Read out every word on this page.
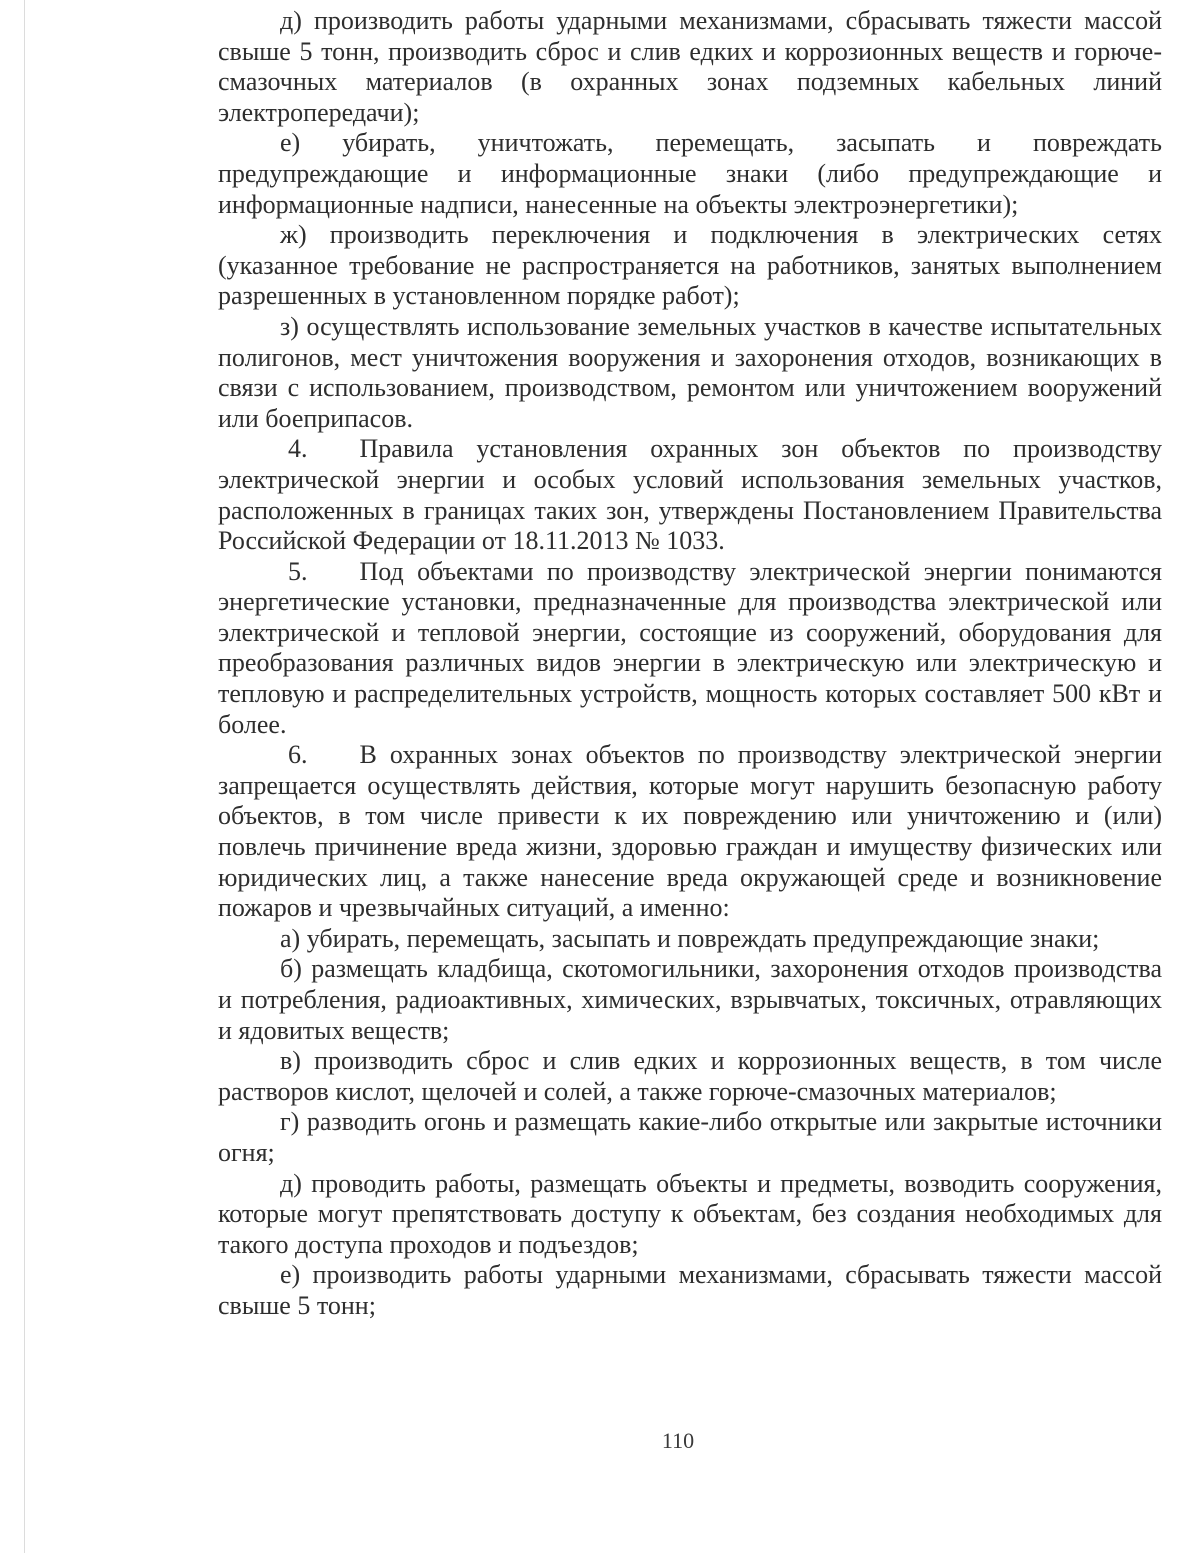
д) производить работы ударными механизмами, сбрасывать тяжести массой свыше 5 тонн, производить сброс и слив едких и коррозионных веществ и горюче-смазочных материалов (в охранных зонах подземных кабельных линий электропередачи);

е) убирать, уничтожать, перемещать, засыпать и повреждать предупреждающие и информационные знаки (либо предупреждающие и информационные надписи, нанесенные на объекты электроэнергетики);

ж) производить переключения и подключения в электрических сетях (указанное требование не распространяется на работников, занятых выполнением разрешенных в установленном порядке работ);

з) осуществлять использование земельных участков в качестве испытательных полигонов, мест уничтожения вооружения и захоронения отходов, возникающих в связи с использованием, производством, ремонтом или уничтожением вооружений или боеприпасов.

4.  Правила установления охранных зон объектов по производству электрической энергии и особых условий использования земельных участков, расположенных в границах таких зон, утверждены Постановлением Правительства Российской Федерации от 18.11.2013 № 1033.

5.  Под объектами по производству электрической энергии понимаются энергетические установки, предназначенные для производства электрической или электрической и тепловой энергии, состоящие из сооружений, оборудования для преобразования различных видов энергии в электрическую или электрическую и тепловую и распределительных устройств, мощность которых составляет 500 кВт и более.

6.  В охранных зонах объектов по производству электрической энергии запрещается осуществлять действия, которые могут нарушить безопасную работу объектов, в том числе привести к их повреждению или уничтожению и (или) повлечь причинение вреда жизни, здоровью граждан и имуществу физических или юридических лиц, а также нанесение вреда окружающей среде и возникновение пожаров и чрезвычайных ситуаций, а именно:

а) убирать, перемещать, засыпать и повреждать предупреждающие знаки;

б) размещать кладбища, скотомогильники, захоронения отходов производства и потребления, радиоактивных, химических, взрывчатых, токсичных, отравляющих и ядовитых веществ;

в) производить сброс и слив едких и коррозионных веществ, в том числе растворов кислот, щелочей и солей, а также горюче-смазочных материалов;

г) разводить огонь и размещать какие-либо открытые или закрытые источники огня;

д) проводить работы, размещать объекты и предметы, возводить сооружения, которые могут препятствовать доступу к объектам, без создания необходимых для такого доступа проходов и подъездов;

е) производить работы ударными механизмами, сбрасывать тяжести массой свыше 5 тонн;

110
